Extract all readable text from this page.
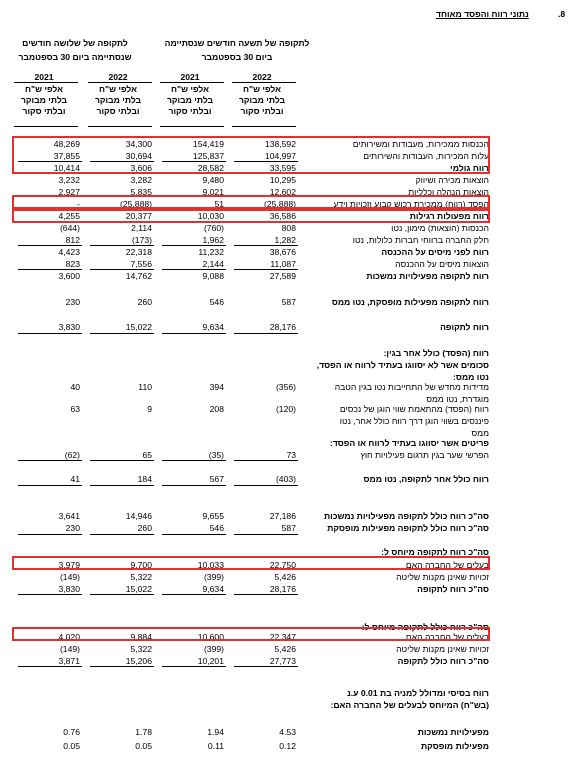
.8
נתוני רווח והפסד מאוחד
לתקופה של תשעה חודשים שנסתיימה
ביום 30 בספטמבר
לתקופה של שלושה חודשים
שנסתיימה ביום 30 בספטמבר
2022
2021
2022
2021
אלפי ש"ח
בלתי מבוקר
ובלתי סקור
אלפי ש"ח
בלתי מבוקר
ובלתי סקור
אלפי ש"ח
בלתי מבוקר
ובלתי סקור
אלפי ש"ח
בלתי מבוקר
ובלתי סקור
הכנסות ממכירות, מעבודות ומשירותים
138,592
154,419
34,300
48,269
עלות המכירות, העבודות והשירותים
104,997
125,837
30,694
37,855
רווח גולמי
33,595
28,582
3,606
10,414
הוצאות מכירה ושיווק
10,295
9,480
3,282
3,232
הוצאות הנהלה וכלליות
12,602
9,021
5,835
2,927
הפסד (רווח) ממכירת רכוש קבוע וזכויות וידע
(25,888)
51
(25,888)
-
רווח מפעולות רגילות
36,586
10,030
20,377
4,255
הכנסות (הוצאות) מימון, נטו
808
(760)
2,114
(644)
חלק החברה ברווחי חברות כלולות, נטו
1,282
1,962
(173)
812
רווח לפני מיסים על ההכנסה
38,676
11,232
22,318
4,423
הוצאות מיסים על ההכנסה
11,087
2,144
7,556
823
רווח לתקופה מפעילויות נמשכות
27,589
9,088
14,762
3,600
רווח לתקופה מפעילות מופסקת, נטו ממס
587
546
260
230
רווח לתקופה
28,176
9,634
15,022
3,830
רווח (הפסד) כולל אחר בגין:
סכומים אשר לא יסווגו בעתיד לרווח או הפסד,
נטו ממס:
מדידות מחדש של התחייבות נטו בגין הטבה
(356)
394
110
40
מוגדרת, נטו ממס
רווח (הפסד) מהתאמת שווי הוגן של נכסים
(120)
208
9
63
פיננסים בשווי הוגן דרך רווח כולל אחר, נטו
ממס
פריטים אשר יסווגו בעתיד לרווח או הפסד:
הפרשי שער בגין תרגום פעילויות חוץ
73
(35)
65
(62)
רווח כולל אחר לתקופה, נטו ממס
(403)
567
184
41
סה"כ רווח כולל לתקופה מפעילויות נמשכות
27,186
9,655
14,946
3,641
סה"כ רווח כולל לתקופה מפעילות מופסקת
587
546
260
230
סה"כ רווח לתקופה מיוחס ל:
בעלים של החברה האם
22,750
10,033
9,700
3,979
זכויות שאינן מקנות שליטה
5,426
(399)
5,322
(149)
סה"כ רווח לתקופה
28,176
9,634
15,022
3,830
סה"כ רווח כולל לתקופה מיוחס ל:
בעלים של החברה האם
22,347
10,600
9,884
4,020
זכויות שאינן מקנות שליטה
5,426
(399)
5,322
(149)
סה"כ רווח כולל לתקופה
27,773
10,201
15,206
3,871
רווח בסיסי ומדולל למניה בת 0.01 ע.נ
(בש"ח) המיוחס לבעלים של החברה האם:
מפעילויות נמשכות
4.53
1.94
1.78
0.76
מפעילות מופסקת
0.12
0.11
0.05
0.05
